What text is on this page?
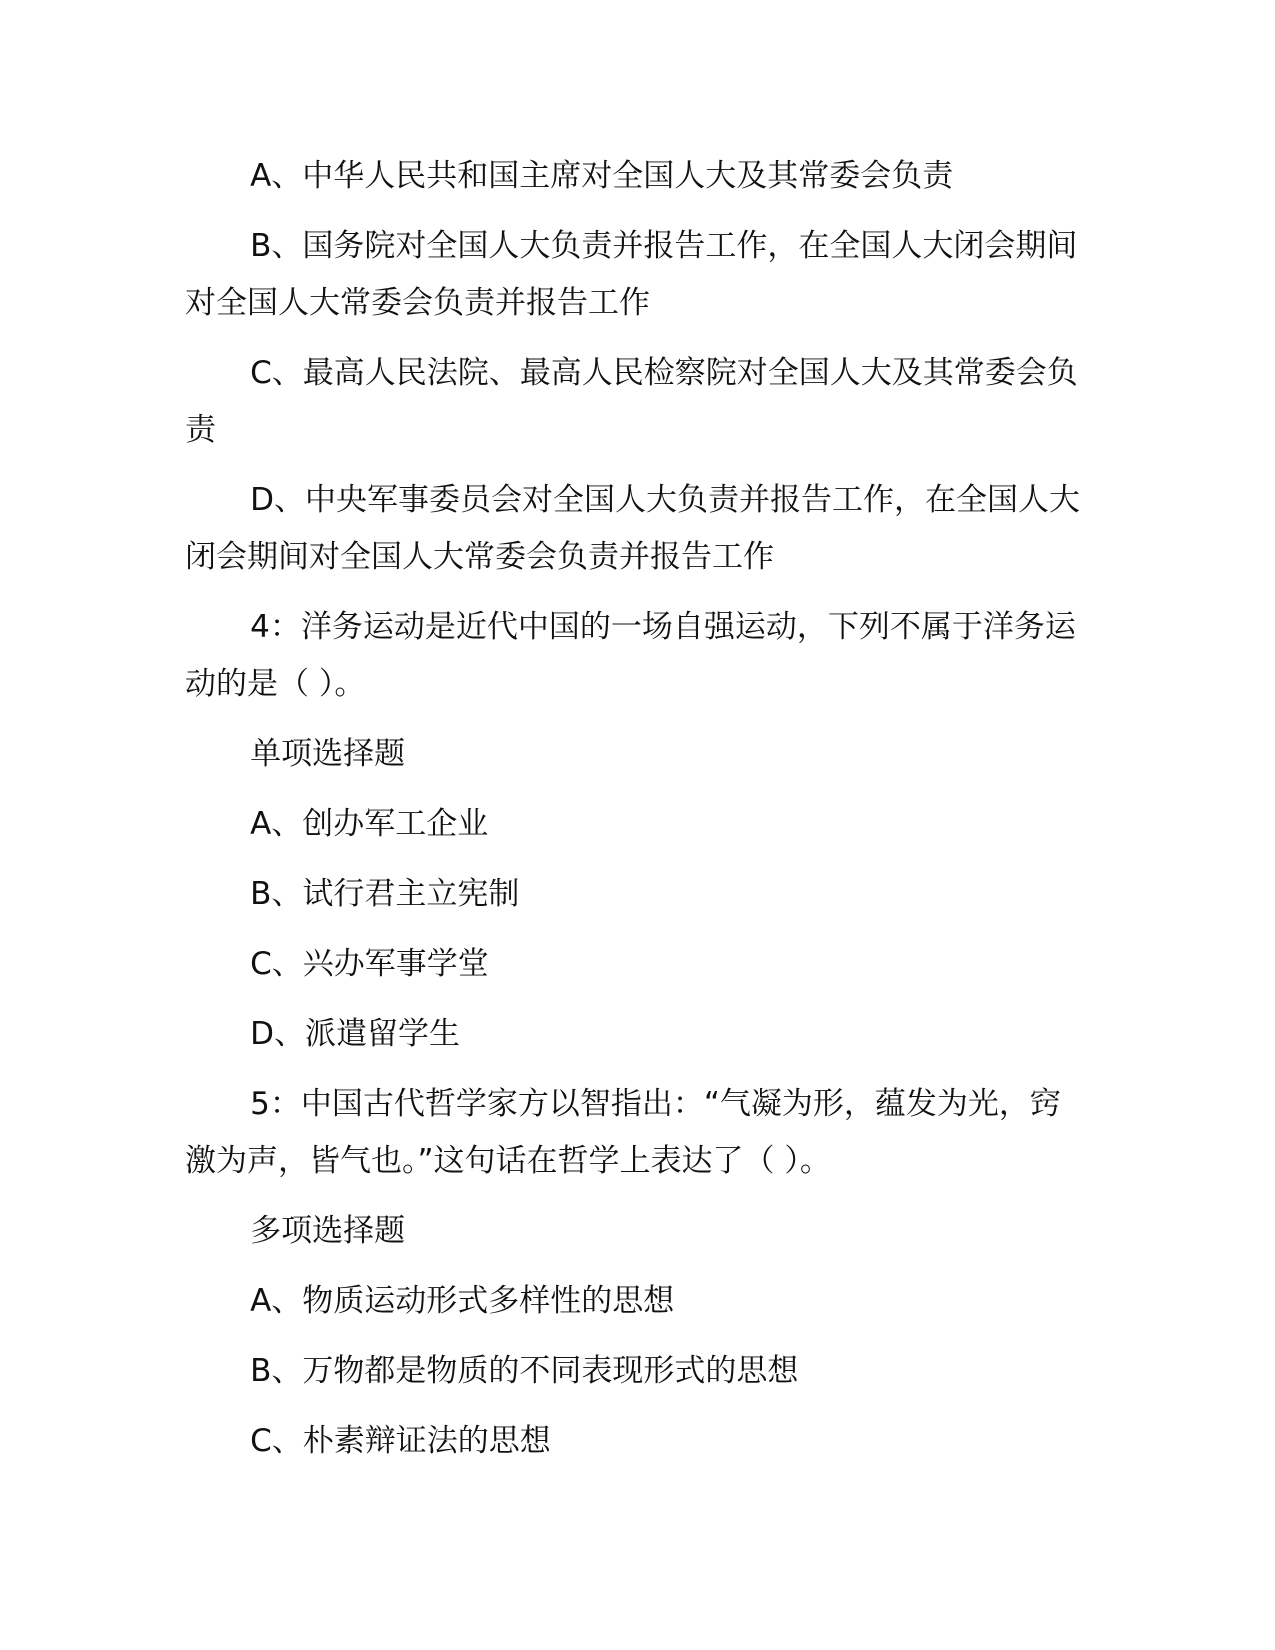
A、中华人民共和国主席对全国人大及其常委会负责

B、国务院对全国人大负责并报告工作，在全国人大闭会期间对全国人大常委会负责并报告工作

C、最高人民法院、最高人民检察院对全国人大及其常委会负责

D、中央军事委员会对全国人大负责并报告工作，在全国人大闭会期间对全国人大常委会负责并报告工作

4：洋务运动是近代中国的一场自强运动，下列不属于洋务运动的是（ ）。

单项选择题

A、创办军工企业

B、试行君主立宪制

C、兴办军事学堂

D、派遣留学生

5：中国古代哲学家方以智指出：“气凝为形，蕴发为光，窍激为声，皆气也。”这句话在哲学上表达了（ ）。

多项选择题

A、物质运动形式多样性的思想

B、万物都是物质的不同表现形式的思想

C、朴素辩证法的思想
